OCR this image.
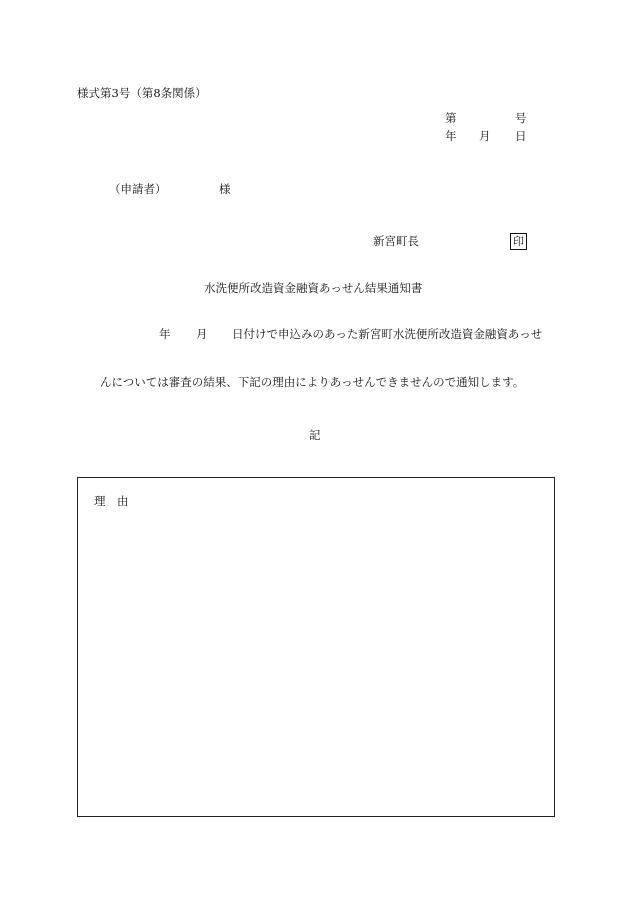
様式第3号（第8条関係）
第	号
年 月 日
（申請者）	様
新宮町長	印
水洗便所改造資金融資あっせん結果通知書
年 月 日付けで申込みのあった新宮町水洗便所改造資金融資あっせ
んについては審査の結果、下記の理由によりあっせんできませんので通知します。
記
理　由
